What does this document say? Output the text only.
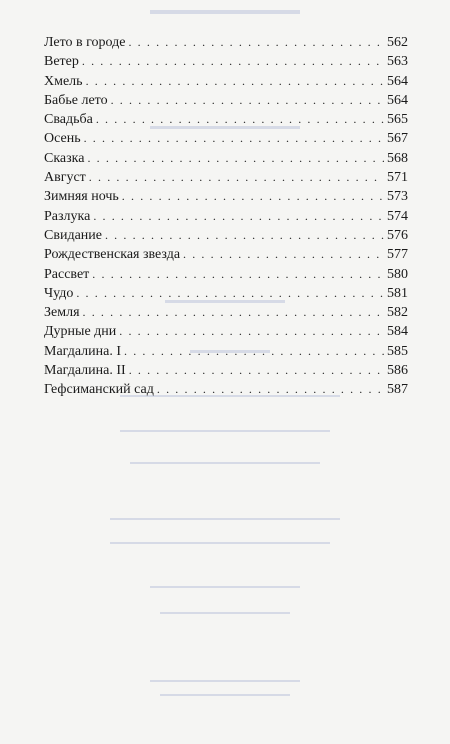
Лето в городе . . .	562
Ветер . . .	563
Хмель . . .	564
Бабье лето . . .	564
Свадьба . . .	565
Осень . . .	567
Сказка . . .	568
Август . . .	571
Зимняя ночь . . .	573
Разлука . . .	574
Свидание . . .	576
Рождественская звезда . . .	577
Рассвет . . .	580
Чудо . . .	581
Земля . . .	582
Дурные дни . . .	584
Магдалина. I . . .	585
Магдалина. II . . .	586
Гефсиманский сад . . .	587
